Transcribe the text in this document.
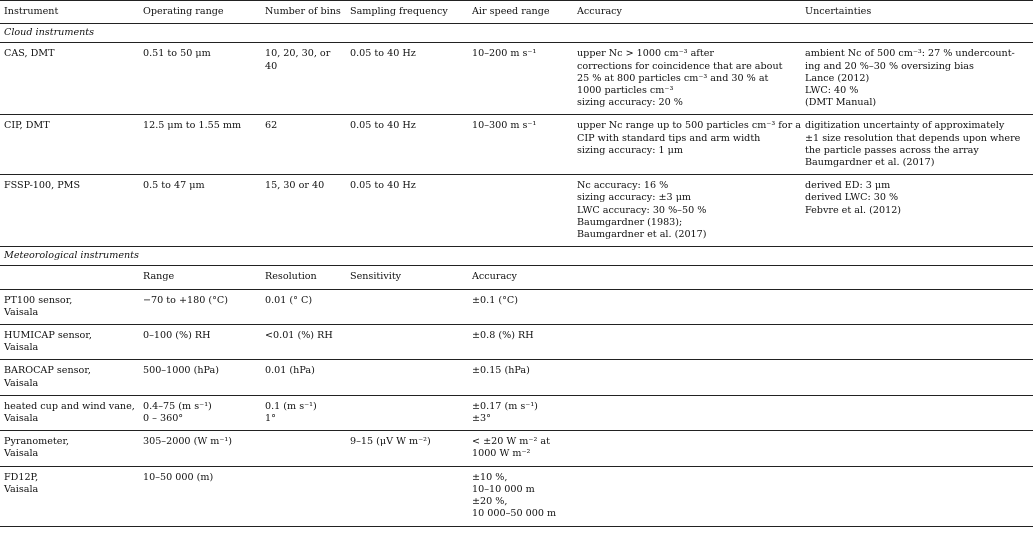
Instrument	Operating range	Number of bins	Sampling frequency	Air speed range	Accuracy	Uncertainties
Cloud instruments						
CAS, DMT	0.51 to 50 μm	10, 20, 30, or 40	0.05 to 40 Hz	10–200 m s⁻¹	upper Nc > 1000 cm⁻³ after
corrections for coincidence that are about
25 % at 800 particles cm⁻³ and 30 % at
1000 particles cm⁻³
sizing accuracy: 20 %	ambient Nc of 500 cm⁻³: 27 % undercount-
ing and 20 %–30 % oversizing bias
Lance (2012)
LWC: 40 %
(DMT Manual)

CIP, DMT	12.5 μm to 1.55 mm	62	0.05 to 40 Hz	10–300 m s⁻¹	upper Nc range up to 500 particles cm⁻³ for a
CIP with standard tips and arm width
sizing accuracy: 1 μm	digitization uncertainty of approximately
±1 size resolution that depends upon where
the particle passes across the array
Baumgardner et al. (2017)

FSSP-100, PMS	0.5 to 47 μm	15, 30 or 40	0.05 to 40 Hz		Nc accuracy: 16 %
sizing accuracy: ±3 μm
LWC accuracy: 30 %–50 %
Baumgardner (1983);
Baumgardner et al. (2017)	derived ED: 3 μm
derived LWC: 30 %
Febvre et al. (2012)

Meteorological instruments						
	Range	Resolution	Sensitivity	Accuracy		

PT100 sensor,
Vaisala	−70 to +180 (°C)	0.01 (° C)		±0.1 (°C)		

HUMICAP sensor,
Vaisala	0–100 (%) RH	<0.01 (%) RH		±0.8 (%) RH		

BAROCAP sensor,
Vaisala	500–1000 (hPa)	0.01 (hPa)		±0.15 (hPa)		

heated cup and wind vane,
Vaisala	0.4–75 (m s⁻¹)
0 – 360°	0.1 (m s⁻¹)
1°		±0.17 (m s⁻¹)
±3°		

Pyranometer,
Vaisala	305–2000 (W m⁻¹)		9–15 (μV W m⁻²)	< ±20 W m⁻² at
1000 W m⁻²		

FD12P,
Vaisala	10–50 000 (m)			±10 %,
10–10 000 m
±20 %,
10 000–50 000 m		
